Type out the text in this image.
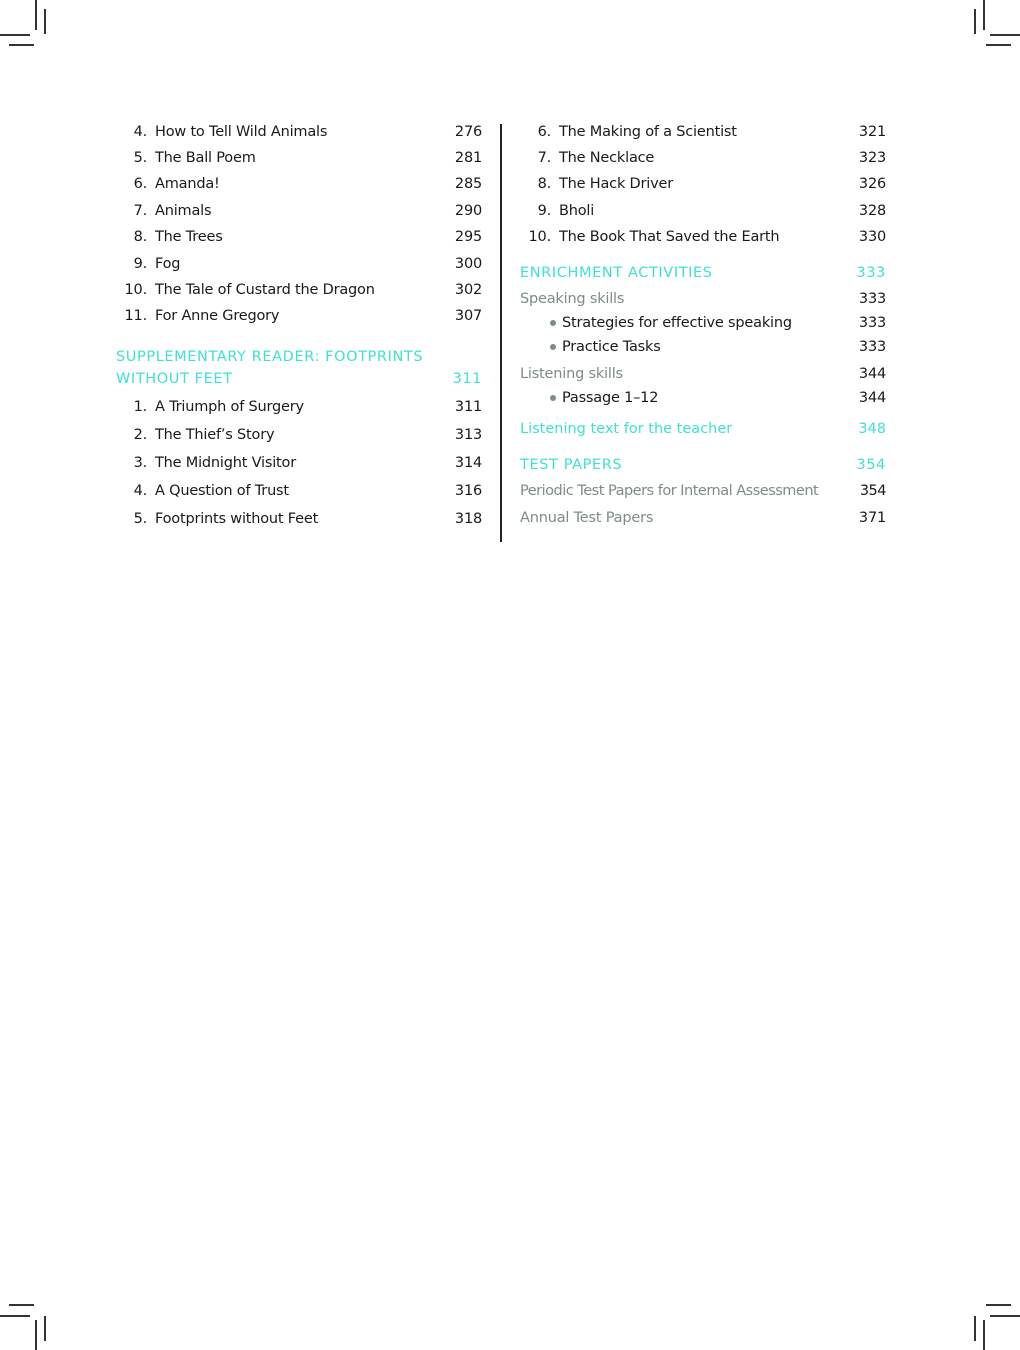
4. How to Tell Wild Animals	276
5. The Ball Poem	281
6. Amanda!	285
7. Animals	290
8. The Trees	295
9. Fog	300
10. The Tale of Custard the Dragon	302
11. For Anne Gregory	307
SUPPLEMENTARY READER: FOOTPRINTS
WITHOUT FEET	311
1. A Triumph of Surgery	311
2. The Thief’s Story	313
3. The Midnight Visitor	314
4. A Question of Trust	316
5. Footprints without Feet	318
6. The Making of a Scientist	321
7. The Necklace	323
8. The Hack Driver	326
9. Bholi	328
10. The Book That Saved the Earth	330
ENRICHMENT ACTIVITIES	333
Speaking skills	333
Strategies for effective speaking	333
Practice Tasks	333
Listening skills	344
Passage 1–12	344
Listening text for the teacher	348
TEST PAPERS	354
Periodic Test Papers for Internal Assessment	354
Annual Test Papers	371
